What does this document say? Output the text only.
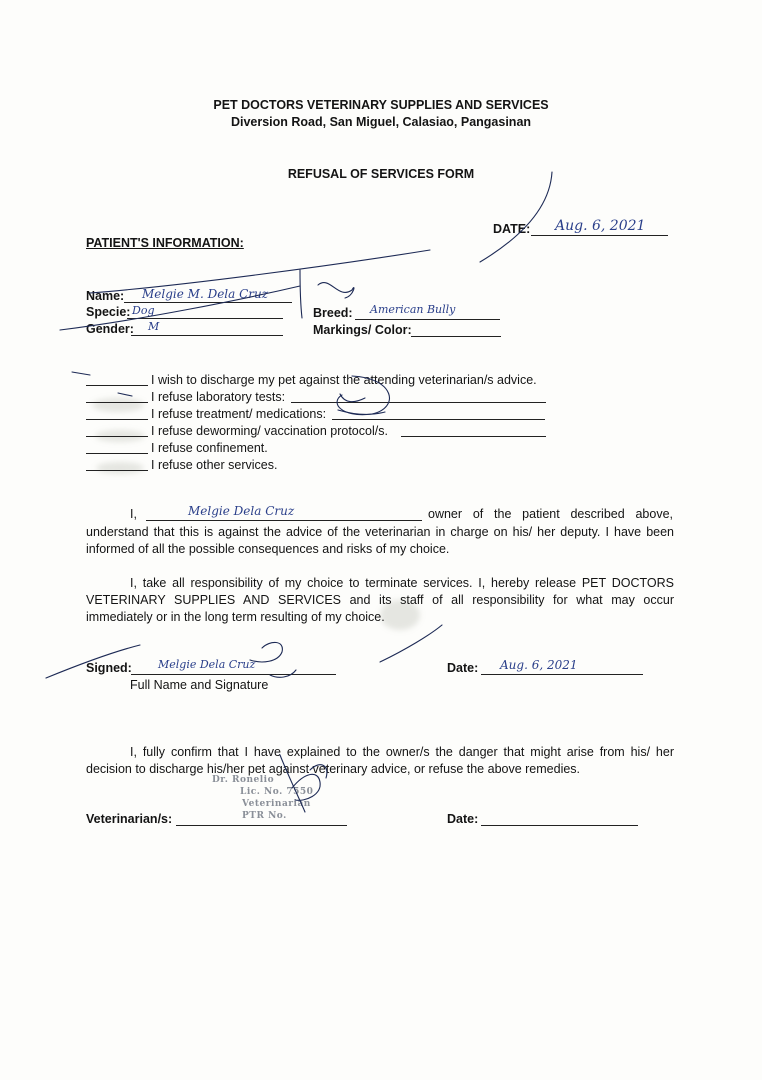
PET DOCTORS VETERINARY SUPPLIES AND SERVICES
Diversion Road, San Miguel, Calasiao, Pangasinan
REFUSAL OF SERVICES FORM
DATE: Aug. 6, 2021
PATIENT'S INFORMATION:
Name: Melgie M. Dela Cruz
Specie: Dog
Gender: M
Breed: American Bully
Markings/ Color:
I wish to discharge my pet against the attending veterinarian/s advice.
I refuse laboratory tests:
I refuse treatment/ medications:
I refuse deworming/ vaccination protocol/s.
I refuse confinement.
I refuse other services.
I,	Melgie Dela Cruz	owner of the patient described above,
understand that this is against the advice of the veterinarian in charge on his/ her deputy. I have been informed of all the possible consequences and risks of my choice.
I, take all responsibility of my choice to terminate services. I, hereby release PET DOCTORS VETERINARY SUPPLIES AND SERVICES and its staff of all responsibility for what may occur immediately or in the long term resulting of my choice.
Signed: Melgie Dela Cruz
Full Name and Signature
Date: Aug. 6, 2021
I, fully confirm that I have explained to the owner/s the danger that might arise from his/ her decision to discharge his/her pet against veterinary advice, or refuse the above remedies.
Dr. Ronelio
Lic. No. 7550
Veterinarian
PTR No.
Veterinarian/s:	Date:
